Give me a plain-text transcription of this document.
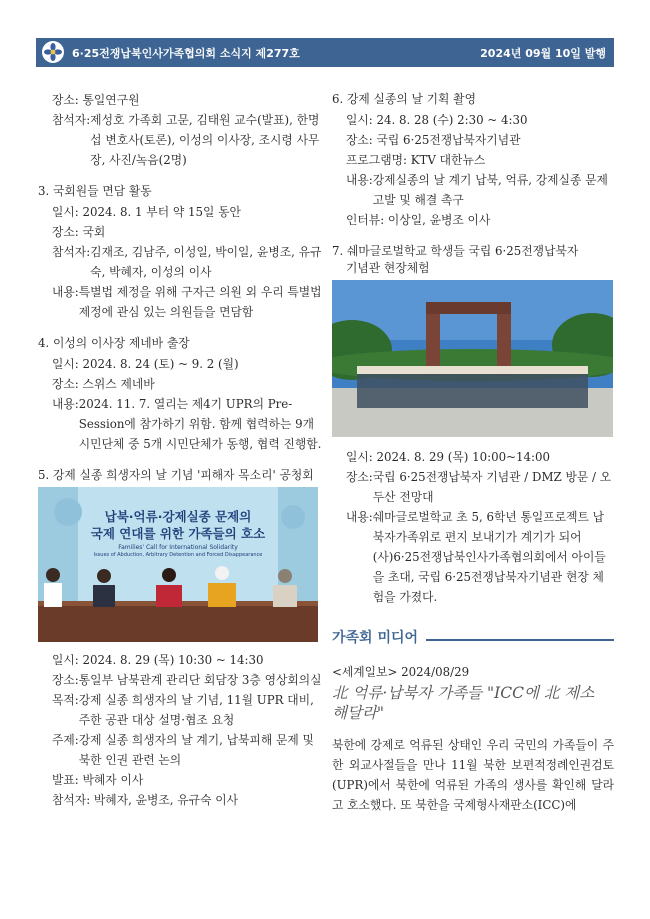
6·25전쟁납북인사가족협의회 소식지 제277호	2024년 09월 10일 발행
장소: 통일연구원
참석자: 제성호 가족회 고문, 김태원 교수(발표), 한명섭 변호사(토론), 이성의 이사장, 조시령 사무장, 사진/녹음(2명)
3. 국회원들 면담 활동
일시: 2024. 8. 1 부터 약 15일 동안
장소: 국회
참석자: 김재조, 김남주, 이성일, 박이일, 윤병조, 유규숙, 박혜자, 이성의 이사
내용: 특별법 제정을 위해 구자근 의원 외 우리 특별법 제정에 관심 있는 의원들을 면담함
4. 이성의 이사장 제네바 출장
일시: 2024. 8. 24 (토) ~ 9. 2 (월)
장소: 스위스 제네바
내용: 2024. 11. 7. 열리는 제4기 UPR의 Pre-Session에 참가하기 위함. 함께 협력하는 9개 시민단체 중 5개 시민단체가 동행, 협력 진행함.
5. 강제 실종 희생자의 날 기념 '피해자 목소리' 공청회
납북·억류·강제실종 문제의
국제 연대를 위한 가족들의 호소
Families' Call for International Solidarity
Issues of Abduction, Arbitrary Detention and Forced Disappearance
일시: 2024. 8. 29 (목) 10:30 ~ 14:30
장소: 통일부 남북관계 관리단 회담장 3층 영상회의실
목적: 강제 실종 희생자의 날 기념, 11월 UPR 대비, 주한 공관 대상 설명·협조 요청
주제: 강제 실종 희생자의 날 계기, 납북피해 문제 및 북한 인권 관련 논의
발표: 박혜자 이사
참석자: 박혜자, 윤병조, 유규숙 이사
6. 강제 실종의 날 기획 촬영
일시: 24. 8. 28 (수) 2:30 ~ 4:30
장소: 국립 6·25전쟁납북자기념관
프로그램명: KTV 대한뉴스
내용: 강제실종의 날 계기 납북, 억류, 강제실종 문제 고발 및 해결 촉구
인터뷰: 이상일, 윤병조 이사
7. 쉐마글로벌학교 학생들 국립 6·25전쟁납북자
기념관 현장체험
일시: 2024. 8. 29 (목) 10:00~14:00
장소: 국립 6·25전쟁납북자 기념관 / DMZ 방문 / 오두산 전망대
내용: 쉐마글로벌학교 초 5, 6학년 통일프로젝트 납북자가족위로 편지 보내기가 계기가 되어 (사)6·25전쟁납북인사가족협의회에서 아이들을 초대, 국립 6·25전쟁납북자기념관 현장 체험을 가졌다.
가족회 미디어
<세계일보> 2024/08/29
北 억류·납북자 가족들 "ICC에 北 제소 해달라"
북한에 강제로 억류된 상태인 우리 국민의 가족들이 주한 외교사절들을 만나 11월 북한 보편적정례인권검토(UPR)에서 북한에 억류된 가족의 생사를 확인해 달라고 호소했다. 또 북한을 국제형사재판소(ICC)에
